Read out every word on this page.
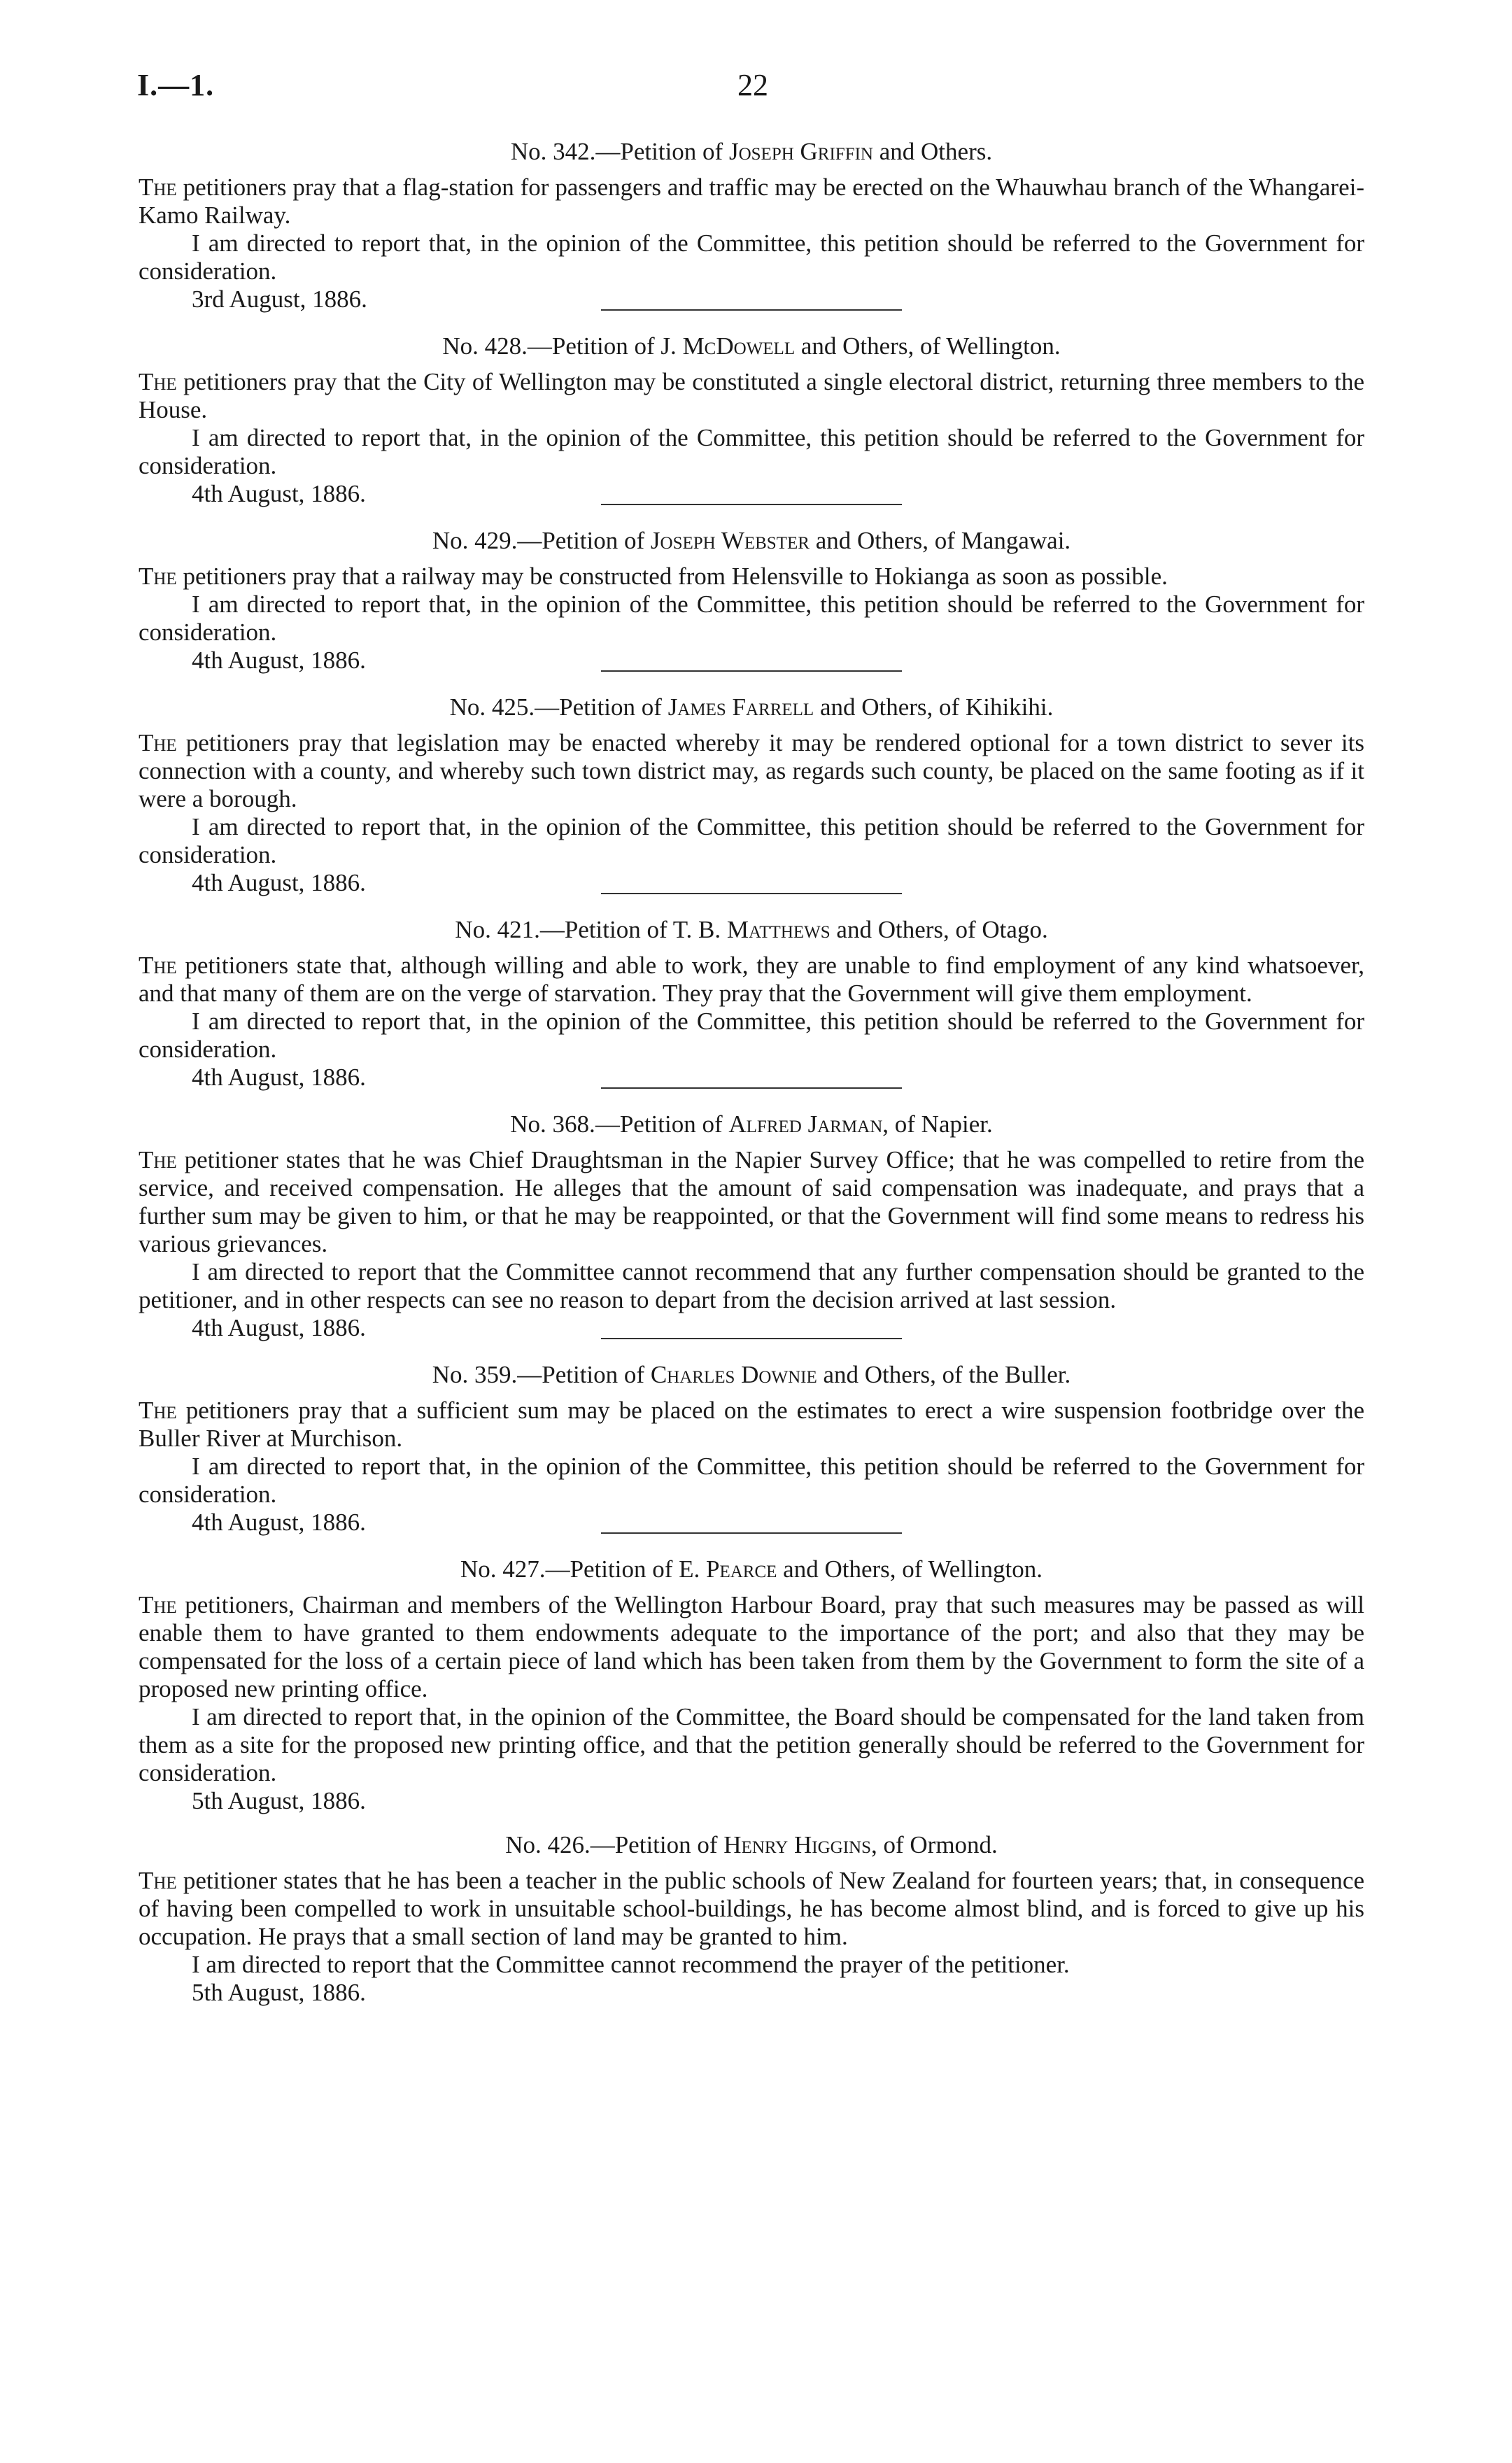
I.—1.	22
No. 342.—Petition of Joseph Griffin and Others.

The petitioners pray that a flag-station for passengers and traffic may be erected on the Whauwhau branch of the Whangarei-Kamo Railway.

I am directed to report that, in the opinion of the Committee, this petition should be referred to the Government for consideration.

3rd August, 1886.

No. 428.—Petition of J. McDowell and Others, of Wellington.

The petitioners pray that the City of Wellington may be constituted a single electoral district, returning three members to the House.

I am directed to report that, in the opinion of the Committee, this petition should be referred to the Government for consideration.

4th August, 1886.

No. 429.—Petition of Joseph Webster and Others, of Mangawai.

The petitioners pray that a railway may be constructed from Helensville to Hokianga as soon as possible.

I am directed to report that, in the opinion of the Committee, this petition should be referred to the Government for consideration.

4th August, 1886.

No. 425.—Petition of James Farrell and Others, of Kihikihi.

The petitioners pray that legislation may be enacted whereby it may be rendered optional for a town district to sever its connection with a county, and whereby such town district may, as regards such county, be placed on the same footing as if it were a borough.

I am directed to report that, in the opinion of the Committee, this petition should be referred to the Government for consideration.

4th August, 1886.

No. 421.—Petition of T. B. Matthews and Others, of Otago.

The petitioners state that, although willing and able to work, they are unable to find employment of any kind whatsoever, and that many of them are on the verge of starvation. They pray that the Government will give them employment.

I am directed to report that, in the opinion of the Committee, this petition should be referred to the Government for consideration.

4th August, 1886.

No. 368.—Petition of Alfred Jarman, of Napier.

The petitioner states that he was Chief Draughtsman in the Napier Survey Office; that he was compelled to retire from the service, and received compensation. He alleges that the amount of said compensation was inadequate, and prays that a further sum may be given to him, or that he may be reappointed, or that the Government will find some means to redress his various grievances.

I am directed to report that the Committee cannot recommend that any further compensation should be granted to the petitioner, and in other respects can see no reason to depart from the decision arrived at last session.

4th August, 1886.

No. 359.—Petition of Charles Downie and Others, of the Buller.

The petitioners pray that a sufficient sum may be placed on the estimates to erect a wire suspension footbridge over the Buller River at Murchison.

I am directed to report that, in the opinion of the Committee, this petition should be referred to the Government for consideration.

4th August, 1886.

No. 427.—Petition of E. Pearce and Others, of Wellington.

The petitioners, Chairman and members of the Wellington Harbour Board, pray that such measures may be passed as will enable them to have granted to them endowments adequate to the importance of the port; and also that they may be compensated for the loss of a certain piece of land which has been taken from them by the Government to form the site of a proposed new printing office.

I am directed to report that, in the opinion of the Committee, the Board should be compensated for the land taken from them as a site for the proposed new printing office, and that the petition generally should be referred to the Government for consideration.

5th August, 1886.

No. 426.—Petition of Henry Higgins, of Ormond.

The petitioner states that he has been a teacher in the public schools of New Zealand for fourteen years; that, in consequence of having been compelled to work in unsuitable school-buildings, he has become almost blind, and is forced to give up his occupation. He prays that a small section of land may be granted to him.

I am directed to report that the Committee cannot recommend the prayer of the petitioner.

5th August, 1886.
